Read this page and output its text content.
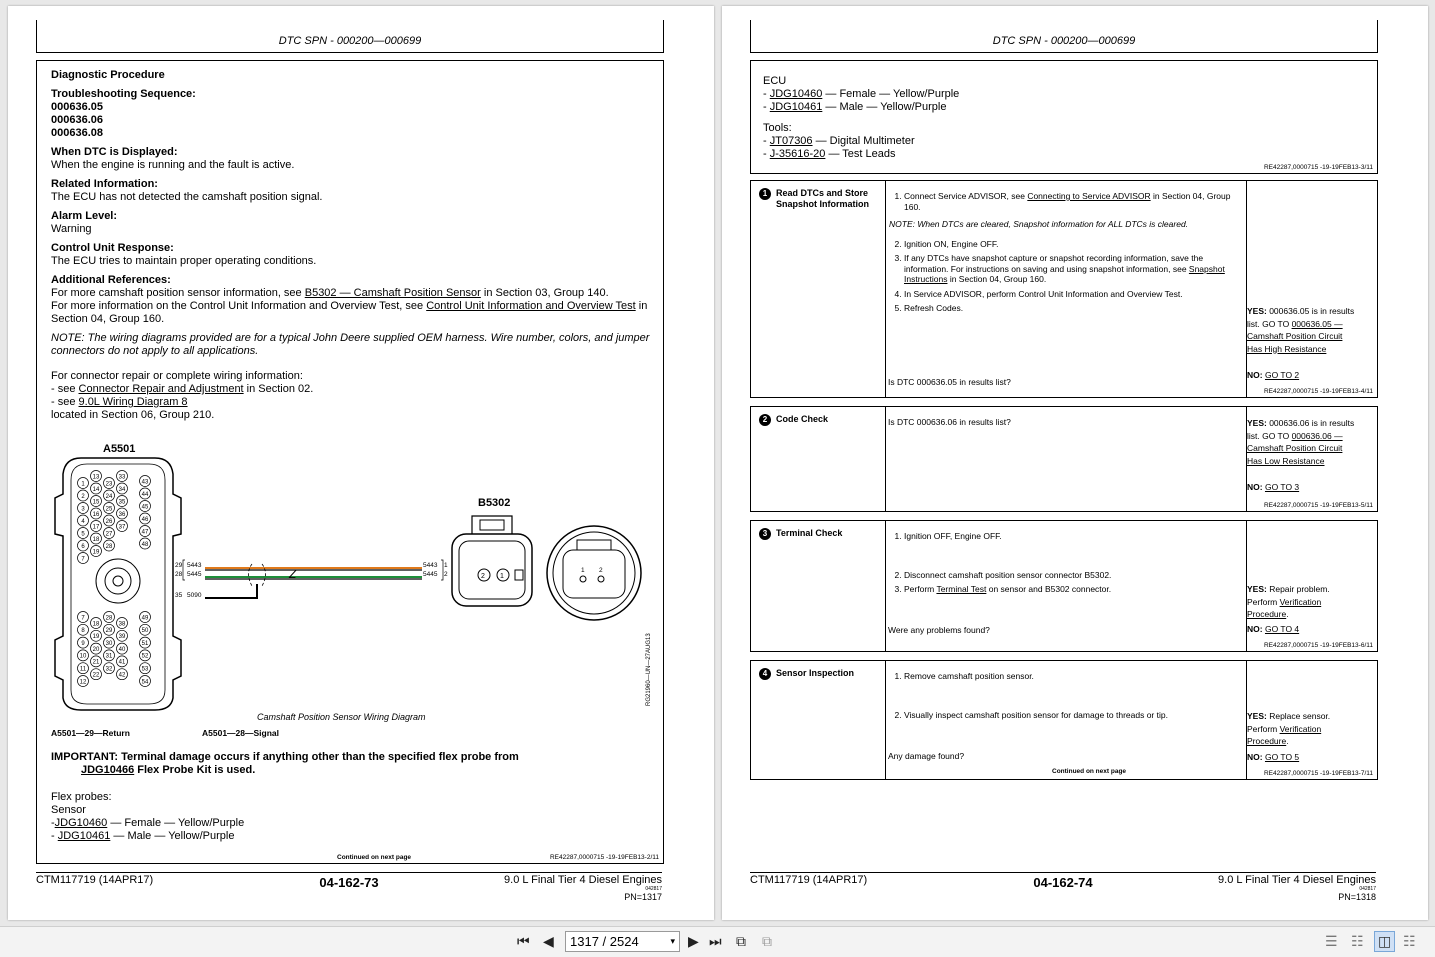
DTC SPN - 000200—000699
Diagnostic Procedure
Troubleshooting Sequence:
000636.05
000636.06
000636.08
When DTC is Displayed:
When the engine is running and the fault is active.
Related Information:
The ECU has not detected the camshaft position signal.
Alarm Level:
Warning
Control Unit Response:
The ECU tries to maintain proper operating conditions.
Additional References:
For more camshaft position sensor information, see B5302 — Camshaft Position Sensor in Section 03, Group 140.
For more information on the Control Unit Information and Overview Test, see Control Unit Information and Overview Test in Section 04, Group 160.
NOTE: The wiring diagrams provided are for a typical John Deere supplied OEM harness. Wire number, colors, and jumper connectors do not apply to all applications.
For connector repair or complete wiring information:
- see Connector Repair and Adjustment in Section 02.
- see 9.0L Wiring Diagram 8
located in Section 06, Group 210.
A5501
1
2
3
4
5
6
7
13
14
15
16
17
18
19
23
24
25
26
27
28
33
34
35
36
37
43
44
45
46
47
48
7
8
9
10
11
12
18
19
20
21
22
28
29
30
31
32
38
39
40
41
42
49
50
51
52
53
54
29
28
35
5443
5445
5090
Z
5443
5445
1
2
B5302
2 1
1 2
Camshaft Position Sensor Wiring Diagram
A5501—29—Return	A5501—28—Signal
RG21960—UN—27AUG13
IMPORTANT: Terminal damage occurs if anything other than the specified flex probe from
JDG10466 Flex Probe Kit is used.
Flex probes:
Sensor
-JDG10460 — Female — Yellow/Purple
- JDG10461 — Male — Yellow/Purple
Continued on next page	RE42287,0000715 -19-19FEB13-2/11
CTM117719 (14APR17)	04-162-73	9.0 L Final Tier 4 Diesel Engines
042817
PN=1317
DTC SPN - 000200—000699
ECU
- JDG10460 — Female — Yellow/Purple
- JDG10461 — Male — Yellow/Purple
Tools:
- JT07306 — Digital Multimeter
- J-35616-20 — Test Leads
RE42287,0000715 -19-19FEB13-3/11
1 Read DTCs and Store Snapshot Information
1. Connect Service ADVISOR, see Connecting to Service ADVISOR in Section 04, Group 160.
NOTE: When DTCs are cleared, Snapshot information for ALL DTCs is cleared.
2. Ignition ON, Engine OFF.
3. If any DTCs have snapshot capture or snapshot recording information, save the information. For instructions on saving and using snapshot information, see Snapshot Instructions in Section 04, Group 160.
4. In Service ADVISOR, perform Control Unit Information and Overview Test.
5. Refresh Codes.
Is DTC 000636.05 in results list?
YES: 000636.05 is in results list. GO TO 000636.05 — Camshaft Position Circuit Has High Resistance
NO: GO TO 2
RE42287,0000715 -19-19FEB13-4/11
2 Code Check	Is DTC 000636.06 in results list?	YES: 000636.06 is in results list. GO TO 000636.06 — Camshaft Position Circuit Has Low Resistance
NO: GO TO 3
RE42287,0000715 -19-19FEB13-5/11
3 Terminal Check	1. Ignition OFF, Engine OFF.
2. Disconnect camshaft position sensor connector B5302.
3. Perform Terminal Test on sensor and B5302 connector.
Were any problems found?
YES: Repair problem. Perform Verification Procedure.
NO: GO TO 4
RE42287,0000715 -19-19FEB13-6/11
4 Sensor Inspection	1. Remove camshaft position sensor.
2. Visually inspect camshaft position sensor for damage to threads or tip.
Any damage found?
Continued on next page
YES: Replace sensor. Perform Verification Procedure.
NO: GO TO 5
RE42287,0000715 -19-19FEB13-7/11
CTM117719 (14APR17)	04-162-74	9.0 L Final Tier 4 Diesel Engines
042817
PN=1318
⏮ ◀	1317 / 2524	▾ ▶ ⏭ ⧉ ⧉	☰ ☷ ◫ ☷
